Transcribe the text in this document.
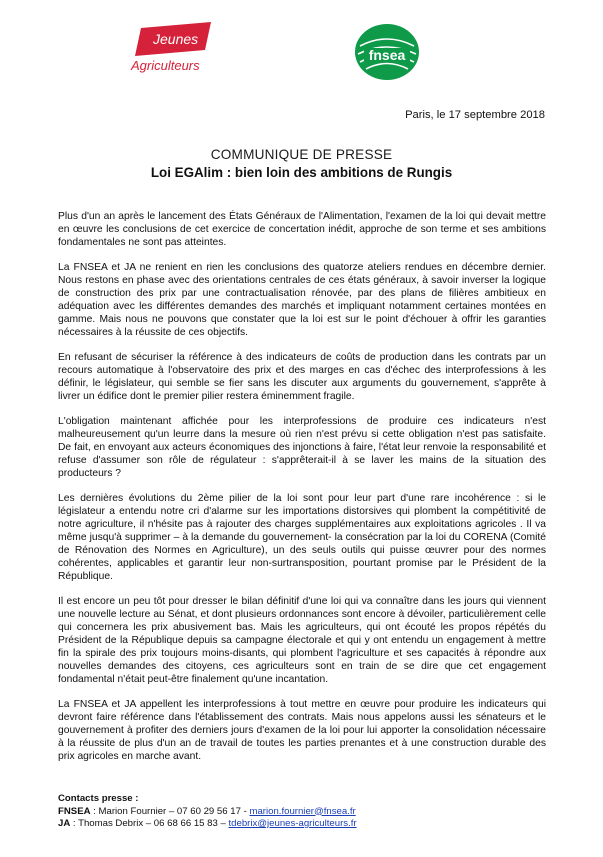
Jeunes
Agriculteurs
fnsea
Paris, le 17 septembre 2018
COMMUNIQUE DE PRESSE
Loi EGAlim : bien loin des ambitions de Rungis

Plus d'un an après le lancement des États Généraux de l'Alimentation, l'examen de la loi qui devait mettre en œuvre les conclusions de cet exercice de concertation inédit, approche de son terme et ses ambitions fondamentales ne sont pas atteintes.

La FNSEA et JA ne renient en rien les conclusions des quatorze ateliers rendues en décembre dernier. Nous restons en phase avec des orientations centrales de ces états généraux, à savoir inverser la logique de construction des prix par une contractualisation rénovée, par des plans de filières ambitieux en adéquation avec les différentes demandes des marchés et impliquant notamment certaines montées en gamme. Mais nous ne pouvons que constater que la loi est sur le point d'échouer à offrir les garanties nécessaires à la réussite de ces objectifs.

En refusant de sécuriser la référence à des indicateurs de coûts de production dans les contrats par un recours automatique à l'observatoire des prix et des marges en cas d'échec des interprofessions à les définir, le législateur, qui semble se fier sans les discuter aux arguments du gouvernement, s'apprête à livrer un édifice dont le premier pilier restera éminemment fragile.

L'obligation maintenant affichée pour les interprofessions de produire ces indicateurs n'est malheureusement qu'un leurre dans la mesure où rien n'est prévu si cette obligation n'est pas satisfaite. De fait, en envoyant aux acteurs économiques des injonctions à faire, l'état leur renvoie la responsabilité et refuse d'assumer son rôle de régulateur : s'apprêterait-il à se laver les mains de la situation des producteurs ?

Les dernières évolutions du 2ème pilier de la loi sont pour leur part d'une rare incohérence : si le législateur a entendu notre cri d'alarme sur les importations distorsives qui plombent la compétitivité de notre agriculture, il n'hésite pas à rajouter des charges supplémentaires aux exploitations agricoles . Il va même jusqu'à supprimer – à la demande du gouvernement- la consécration par la loi du CORENA (Comité de Rénovation des Normes en Agriculture), un des seuls outils qui puisse œuvrer pour des normes cohérentes, applicables et garantir leur non-surtransposition, pourtant promise par le Président de la République.

Il est encore un peu tôt pour dresser le bilan définitif d'une loi qui va connaître dans les jours qui viennent une nouvelle lecture au Sénat, et dont plusieurs ordonnances sont encore à dévoiler, particulièrement celle qui concernera les prix abusivement bas. Mais les agriculteurs, qui ont écouté les propos répétés du Président de la République depuis sa campagne électorale et qui y ont entendu un engagement à mettre fin la spirale des prix toujours moins-disants, qui plombent l'agriculture et ses capacités à répondre aux nouvelles demandes des citoyens, ces agriculteurs sont en train de se dire que cet engagement fondamental n'était peut-être finalement qu'une incantation.

La FNSEA et JA appellent les interprofessions à tout mettre en œuvre pour produire les indicateurs qui devront faire référence dans l'établissement des contrats. Mais nous appelons aussi les sénateurs et le gouvernement à profiter des derniers jours d'examen de la loi pour lui apporter la consolidation nécessaire à la réussite de plus d'un an de travail de toutes les parties prenantes et à une construction durable des prix agricoles en marche avant.

Contacts presse :
FNSEA : Marion Fournier – 07 60 29 56 17 - marion.fournier@fnsea.fr
JA : Thomas Debrix – 06 68 66 15 83 – tdebrix@jeunes-agriculteurs.fr
